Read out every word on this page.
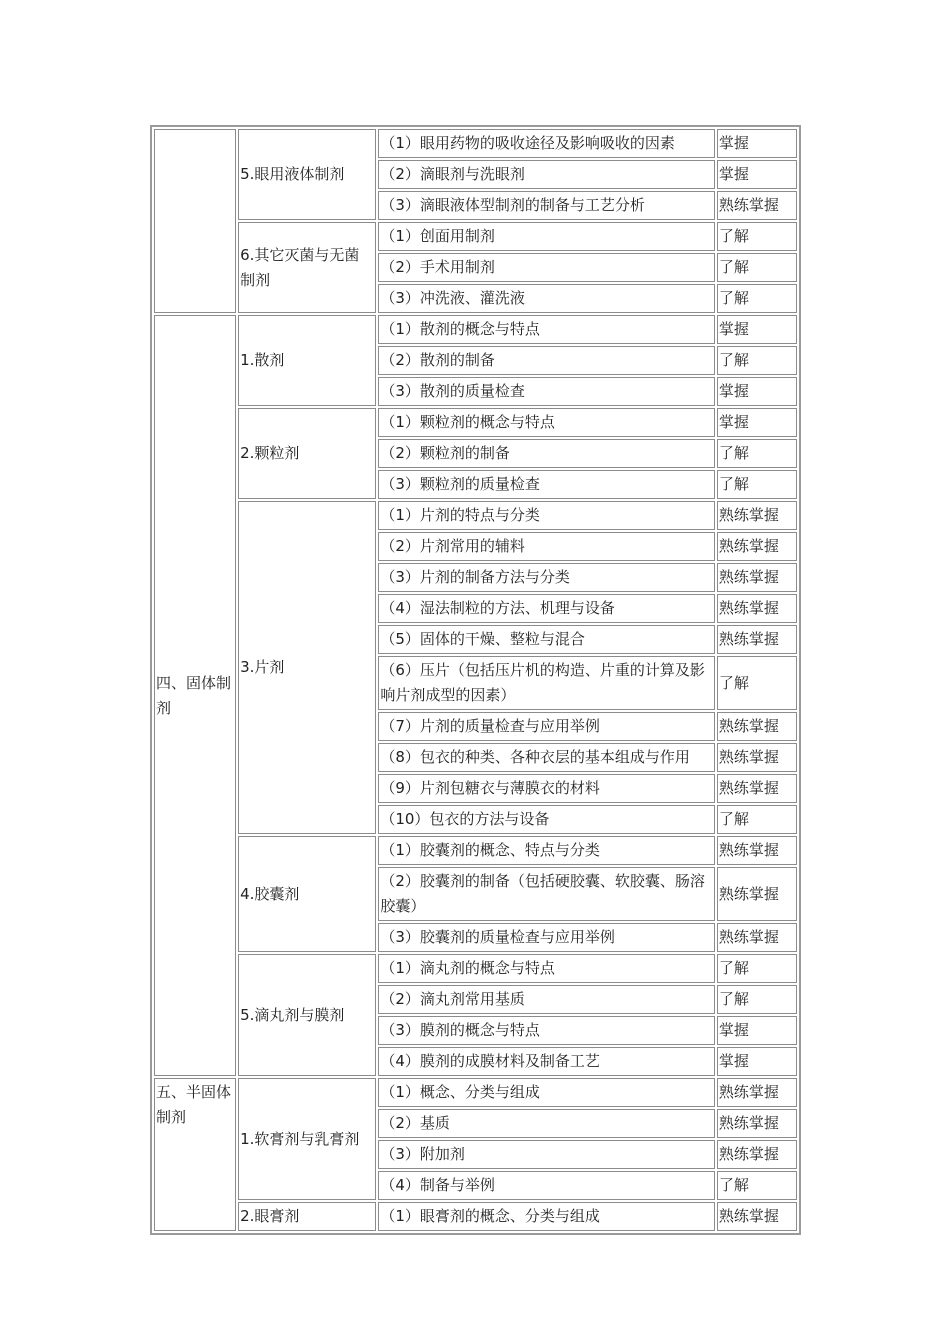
	5.眼用液体制剂	（1）眼用药物的吸收途径及影响吸收的因素	掌握
		（2）滴眼剂与洗眼剂	掌握
		（3）滴眼液体型制剂的制备与工艺分析	熟练掌握
	6.其它灭菌与无菌制剂	（1）创面用制剂	了解
		（2）手术用制剂	了解
		（3）冲洗液、灌洗液	了解
四、固体制剂	1.散剂	（1）散剂的概念与特点	掌握
		（2）散剂的制备	了解
		（3）散剂的质量检查	掌握
	2.颗粒剂	（1）颗粒剂的概念与特点	掌握
		（2）颗粒剂的制备	了解
		（3）颗粒剂的质量检查	了解
	3.片剂	（1）片剂的特点与分类	熟练掌握
		（2）片剂常用的辅料	熟练掌握
		（3）片剂的制备方法与分类	熟练掌握
		（4）湿法制粒的方法、机理与设备	熟练掌握
		（5）固体的干燥、整粒与混合	熟练掌握
		（6）压片（包括压片机的构造、片重的计算及影响片剂成型的因素）	了解
		（7）片剂的质量检查与应用举例	熟练掌握
		（8）包衣的种类、各种衣层的基本组成与作用	熟练掌握
		（9）片剂包糖衣与薄膜衣的材料	熟练掌握
		（10）包衣的方法与设备	了解
	4.胶囊剂	（1）胶囊剂的概念、特点与分类	熟练掌握
		（2）胶囊剂的制备（包括硬胶囊、软胶囊、肠溶胶囊）	熟练掌握
		（3）胶囊剂的质量检查与应用举例	熟练掌握
	5.滴丸剂与膜剂	（1）滴丸剂的概念与特点	了解
		（2）滴丸剂常用基质	了解
		（3）膜剂的概念与特点	掌握
		（4）膜剂的成膜材料及制备工艺	掌握
五、半固体制剂	1.软膏剂与乳膏剂	（1）概念、分类与组成	熟练掌握
		（2）基质	熟练掌握
		（3）附加剂	熟练掌握
		（4）制备与举例	了解
	2.眼膏剂	（1）眼膏剂的概念、分类与组成	熟练掌握
